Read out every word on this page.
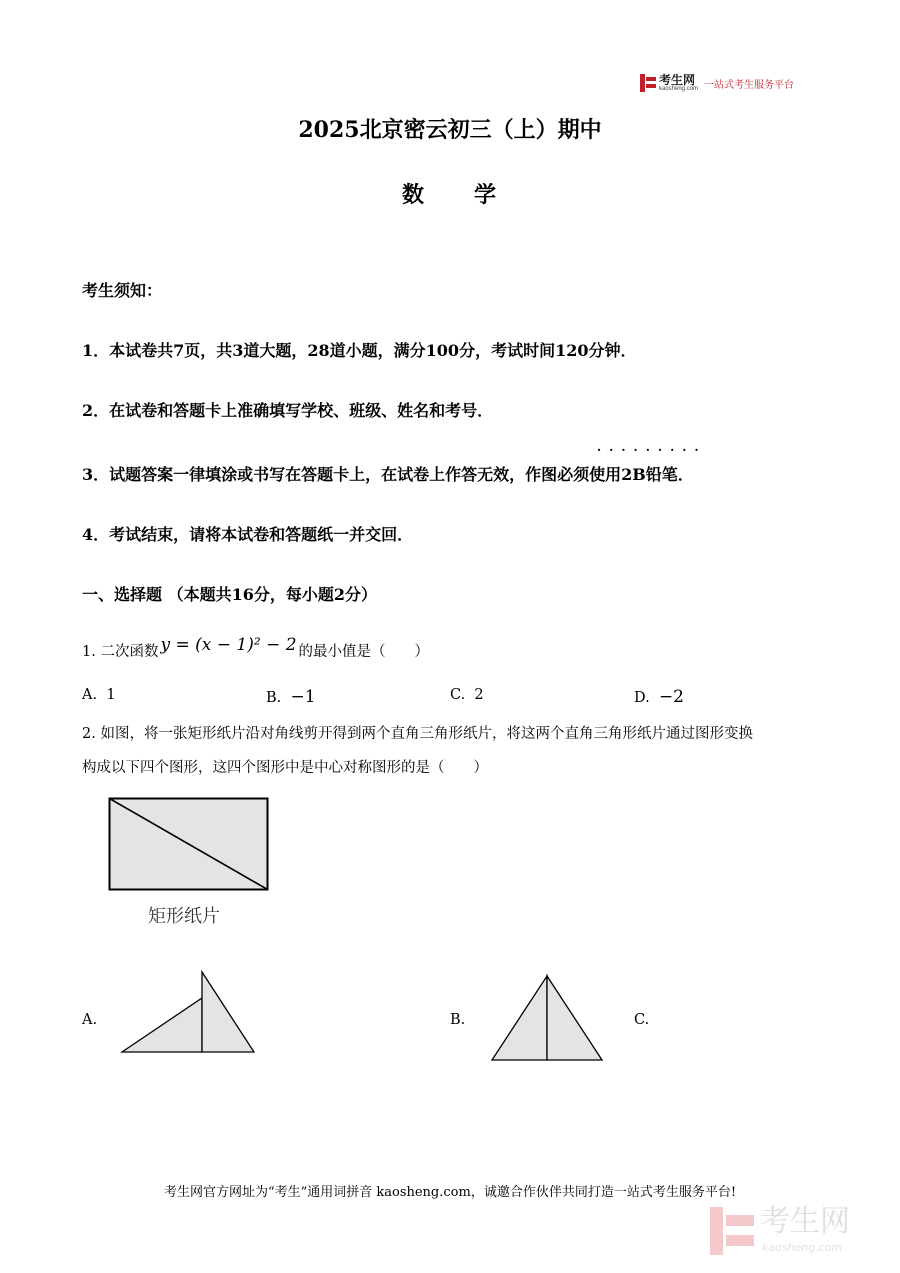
考生网
kaosheng.com 一站式考生服务平台
2025北京密云初三（上）期中
数　　学
考生须知：
1．本试卷共7页，共3道大题，28道小题，满分100分，考试时间120分钟．
2．在试卷和答题卡上准确填写学校、班级、姓名和考号．
3．试题答案一律填涂或书写在答题卡上，在试卷上作答无效，作图必须使用2B铅笔．
·········
4．考试结束，请将本试卷和答题纸一并交回．
一、选择题 （本题共16分，每小题2分）
1. 二次函数 y = (x − 1)² − 2 的最小值是（　　）
A. 1	B. −1	C. 2	D. −2
2. 如图，将一张矩形纸片沿对角线剪开得到两个直角三角形纸片，将这两个直角三角形纸片通过图形变换
构成以下四个图形，这四个图形中是中心对称图形的是（　　）
矩形纸片
A.	B.	C.
考生网官方网址为“考生”通用词拼音 kaosheng.com，诚邀合作伙伴共同打造一站式考生服务平台!
考生网
kaosheng.com
